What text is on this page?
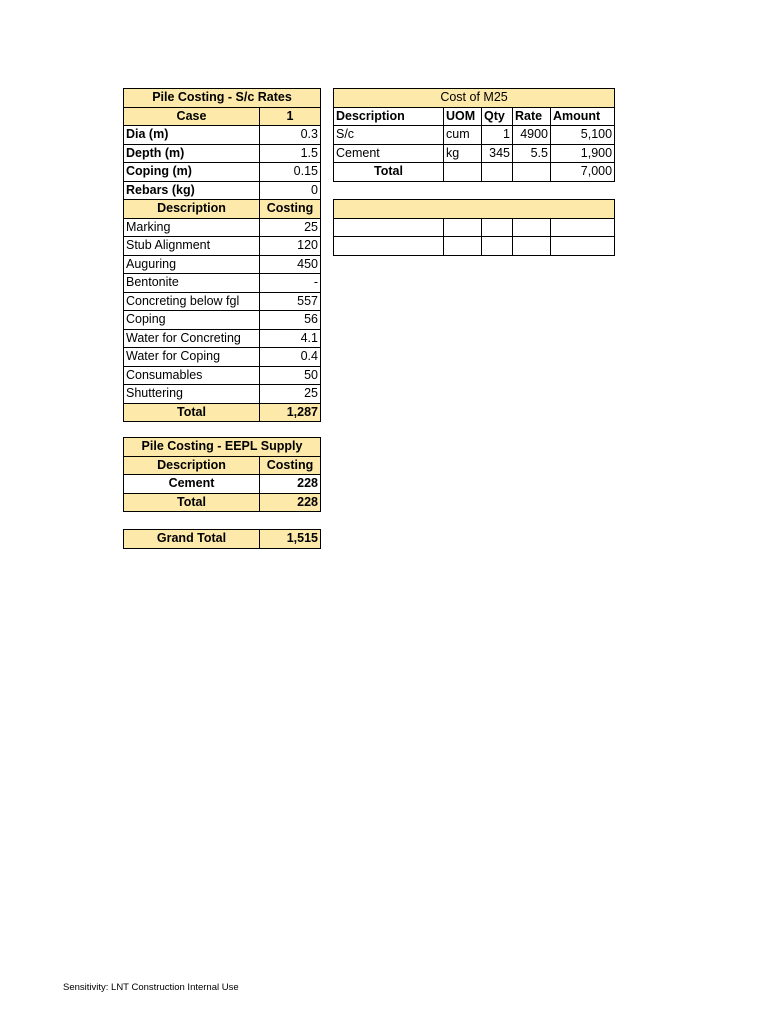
Pile Costing - S/c Rates	
Case	1
Dia (m)	0.3
Depth (m)	1.5
Coping (m)	0.15
Rebars (kg)	0
Description	Costing
Marking	25
Stub Alignment	120
Auguring	450
Bentonite	-
Concreting below fgl	557
Coping	56
Water for Concreting	4.1
Water for Coping	0.4
Consumables	50
Shuttering	25
Total	1,287
Cost of M25				
Description	UOM	Qty	Rate	Amount
S/c	cum	1	4900	5,100
Cement	kg	345	5.5	1,900
Total				7,000

Pile Costing - EEPL Supply	
Description	Costing
Cement	228
Total	228
Grand Total	1,515
Sensitivity: LNT Construction Internal Use
